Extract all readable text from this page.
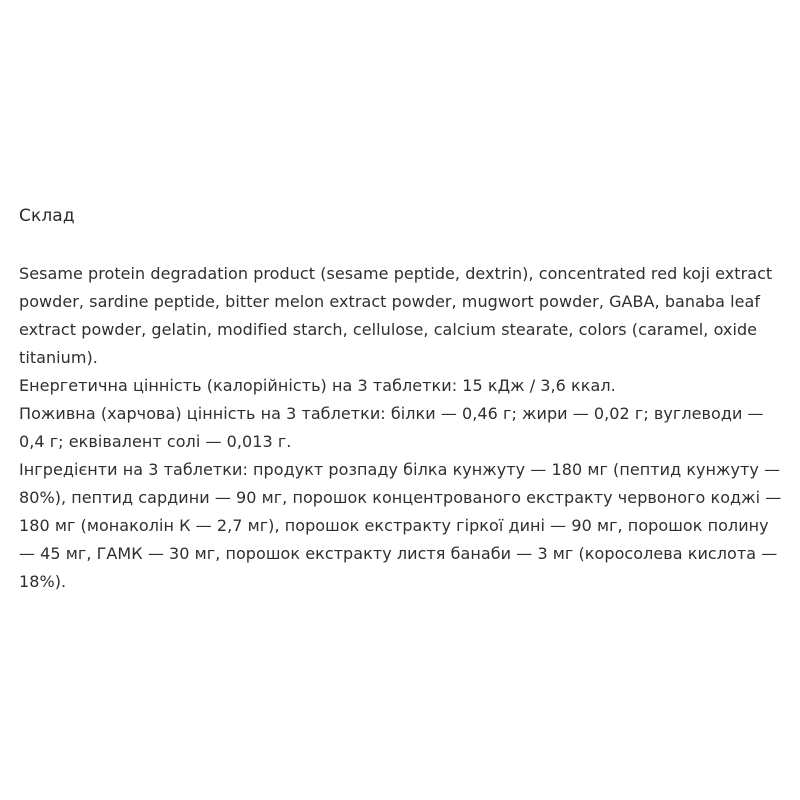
Склад

Sesame protein degradation product (sesame peptide, dextrin), concentrated red koji extract powder, sardine peptide, bitter melon extract powder, mugwort powder, GABA, banaba leaf extract powder, gelatin, modified starch, cellulose, calcium stearate, colors (caramel, oxide titanium).

Енергетична цінність (калорійність) на 3 таблетки: 15 кДж / 3,6 ккал.

Поживна (харчова) цінність на 3 таблетки: білки — 0,46 г; жири — 0,02 г; вуглеводи — 0,4 г; еквівалент солі — 0,013 г.

Інгредієнти на 3 таблетки: продукт розпаду білка кунжуту — 180 мг (пептид кунжуту — 80%), пептид сардини — 90 мг, порошок концентрованого екстракту червоного коджі — 180 мг (монаколін К — 2,7 мг), порошок екстракту гіркої дині — 90 мг, порошок полину — 45 мг, ГАМК — 30 мг, порошок екстракту листя банаби — 3 мг (коросолева кислота — 18%).
